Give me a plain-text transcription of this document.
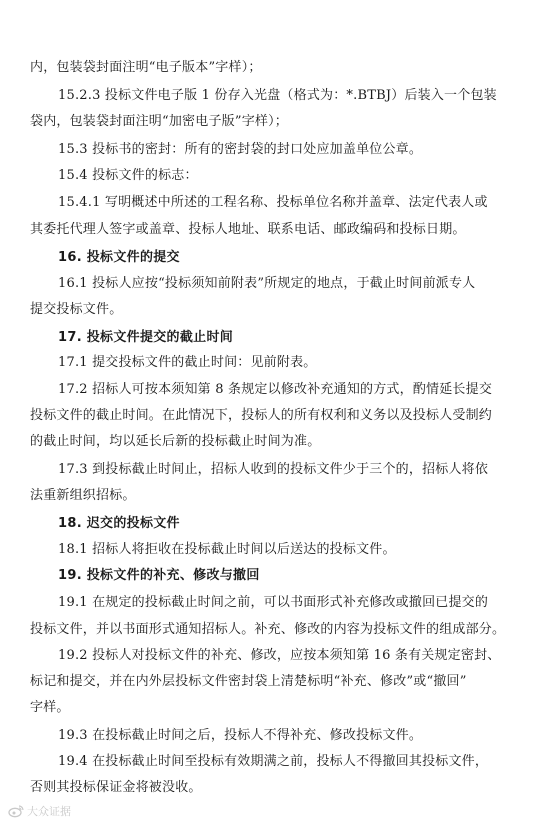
内，包装袋封面注明“电子版本”字样）；
15.2.3 投标文件电子版 1 份存入光盘（格式为：*.BTBJ）后装入一个包装
袋内，包装袋封面注明“加密电子版”字样）；
15.3 投标书的密封：所有的密封袋的封口处应加盖单位公章。
15.4 投标文件的标志：
15.4.1 写明概述中所述的工程名称、投标单位名称并盖章、法定代表人或
其委托代理人签字或盖章、投标人地址、联系电话、邮政编码和投标日期。
16. 投标文件的提交
16.1 投标人应按“投标须知前附表”所规定的地点，于截止时间前派专人
提交投标文件。
17. 投标文件提交的截止时间
17.1 提交投标文件的截止时间：见前附表。
17.2 招标人可按本须知第 8 条规定以修改补充通知的方式，酌情延长提交
投标文件的截止时间。在此情况下，投标人的所有权利和义务以及投标人受制约
的截止时间，均以延长后新的投标截止时间为准。
17.3 到投标截止时间止，招标人收到的投标文件少于三个的，招标人将依
法重新组织招标。
18. 迟交的投标文件
18.1 招标人将拒收在投标截止时间以后送达的投标文件。
19. 投标文件的补充、修改与撤回
19.1 在规定的投标截止时间之前，可以书面形式补充修改或撤回已提交的
投标文件，并以书面形式通知招标人。补充、修改的内容为投标文件的组成部分。
19.2 投标人对投标文件的补充、修改，应按本须知第 16 条有关规定密封、
标记和提交，并在内外层投标文件密封袋上清楚标明“补充、修改”或“撤回”
字样。
19.3 在投标截止时间之后，投标人不得补充、修改投标文件。
19.4 在投标截止时间至投标有效期满之前，投标人不得撤回其投标文件，
否则其投标保证金将被没收。
大众证据
